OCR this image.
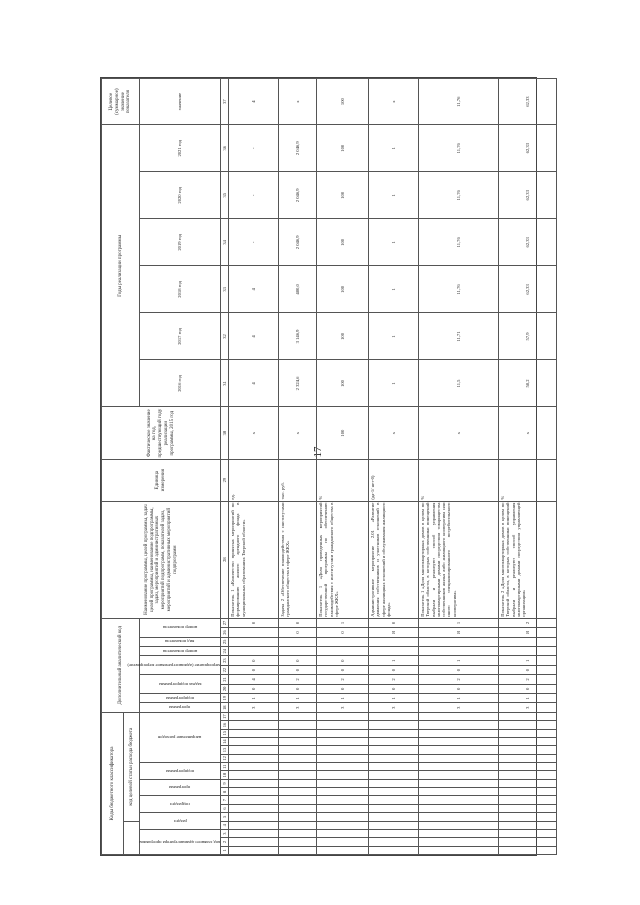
17
Коды бюджетного классификатора																	Дополнительный аналитический код										Наименование программы, целей программы, задач целей программы, наименование подпрограммы, задач, мероприятий и административных мероприятий подпрограмм, показателей задач, мероприятий и административных мероприятий подпрограмм	Единица измерения	Фактическое значение на год, предшествующий году реализации программы, 2015 год	Годы реализации программы						Целевое (суммарное) значение показателя
				код целевой статьи расхода бюджета																																

код главного администратора программы			раздел		подраздел		программа		подпрограмма		направление расходов						программа	подпрограмма	задача подпрограммы		мероприятие (административное мероприятие)		номер показателя	вид показателя	номер показателя					2016 год	2017 год	2018 год	2019 год	2020 год	2021 год	значение
1	2	3	4	5	6	7	8	9	10	11	12	13	14	15	16	17	18	19	20	21	22	23	24	25	26	27	28	29	30	31	32	33	34	35	36	37
																	3	1	0	4	0	0				0	Показатель 1 «Количество принятых мероприятий по формированию жилого арендного фонда в муниципальных образованиях Тверской области»	ед.	х	4	4	4	-	-	-	4
																	3	1	0	2	0	0			0	0	Задача 2 «Обеспечение взаимодействия с институтами гражданского общества в сфере ЖКХ»	тыс. руб.	х	2 324,6	3 146,9	480,0	2 046,9	2 046,9	2 046,9	х
																	3	1	0	2	0	0			0	1	Показатель 1 «Доля проведенных мероприятий государственной программы по обеспечению взаимодействия с институтами гражданского общества в сфере ЖКХ»	%	100	100	100	100	100	100	100	100
																	3	1	0	2	0	1			Я	0	Административное мероприятие 2.01 «Развитие движения собственников и участников отношений в сфере жилищных отношений и обслуживания жилищного фонда»	(да-1/ нет-0)	х	1	1	1	1	1	1	х
																	3	1	0	2	0	1			Я	1	Показатель 1 «Доля многоквартирных домов в целом по Тверской области, в которых собственники помещений выбрали и реализуют способ управления многоквартирными домами посредством товарищества собственников жилья либо жилищного кооператива или иного специализированного потребительского кооператива»	%	х	11,5	11,71	11,76	11,76	11,76	11,76	11,76
																	3	1	0	2	0	1			Я	2	Показатель 2 «Доля многоквартирных домов в целом по Тверской области, в которых собственники помещений выбрали и реализуют способ управления многоквартирными домами посредством управляющей организации»	%	х	58,2	57,9	62,33	62,33	62,33	62,33	62,33
